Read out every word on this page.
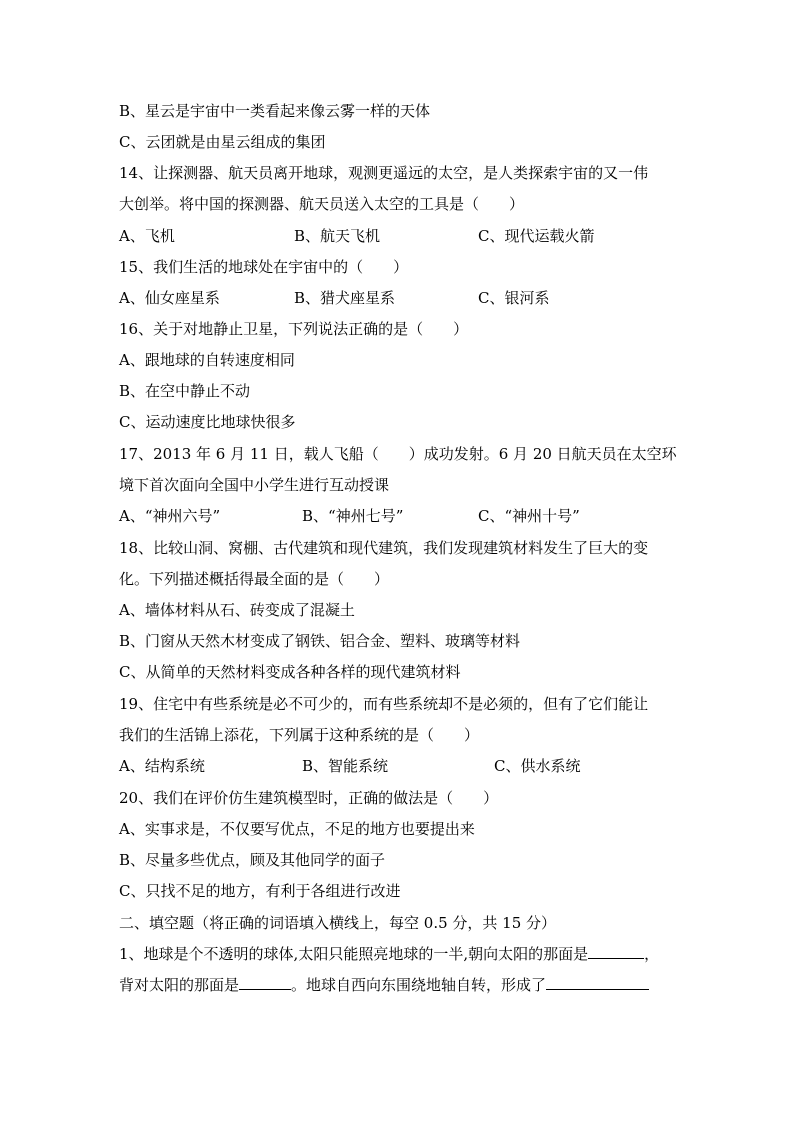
B、星云是宇宙中一类看起来像云雾一样的天体
C、云团就是由星云组成的集团
14、让探测器、航天员离开地球，观测更遥远的太空，是人类探索宇宙的又一伟
大创举。将中国的探测器、航天员送入太空的工具是（　　）
A、飞机	B、航天飞机	C、现代运载火箭
15、我们生活的地球处在宇宙中的（　　）
A、仙女座星系	B、猎犬座星系	C、银河系
16、关于对地静止卫星，下列说法正确的是（　　）
A、跟地球的自转速度相同
B、在空中静止不动
C、运动速度比地球快很多
17、2013 年 6 月 11 日，载人飞船（　　）成功发射。6 月 20 日航天员在太空环
境下首次面向全国中小学生进行互动授课
A、“神州六号”	B、“神州七号”	C、“神州十号”
18、比较山洞、窝棚、古代建筑和现代建筑，我们发现建筑材料发生了巨大的变
化。下列描述概括得最全面的是（　　）
A、墙体材料从石、砖变成了混凝土
B、门窗从天然木材变成了钢铁、铝合金、塑料、玻璃等材料
C、从简单的天然材料变成各种各样的现代建筑材料
19、住宅中有些系统是必不可少的，而有些系统却不是必须的，但有了它们能让
我们的生活锦上添花，下列属于这种系统的是（　　）
A、结构系统	B、智能系统	C、供水系统
20、我们在评价仿生建筑模型时，正确的做法是（　　）
A、实事求是，不仅要写优点，不足的地方也要提出来
B、尽量多些优点，顾及其他同学的面子
C、只找不足的地方，有利于各组进行改进
二、填空题（将正确的词语填入横线上，每空 0.5 分，共 15 分）
1、地球是个不透明的球体,太阳只能照亮地球的一半,朝向太阳的那面是	，
背对太阳的那面是	。地球自西向东围绕地轴自转，形成了
